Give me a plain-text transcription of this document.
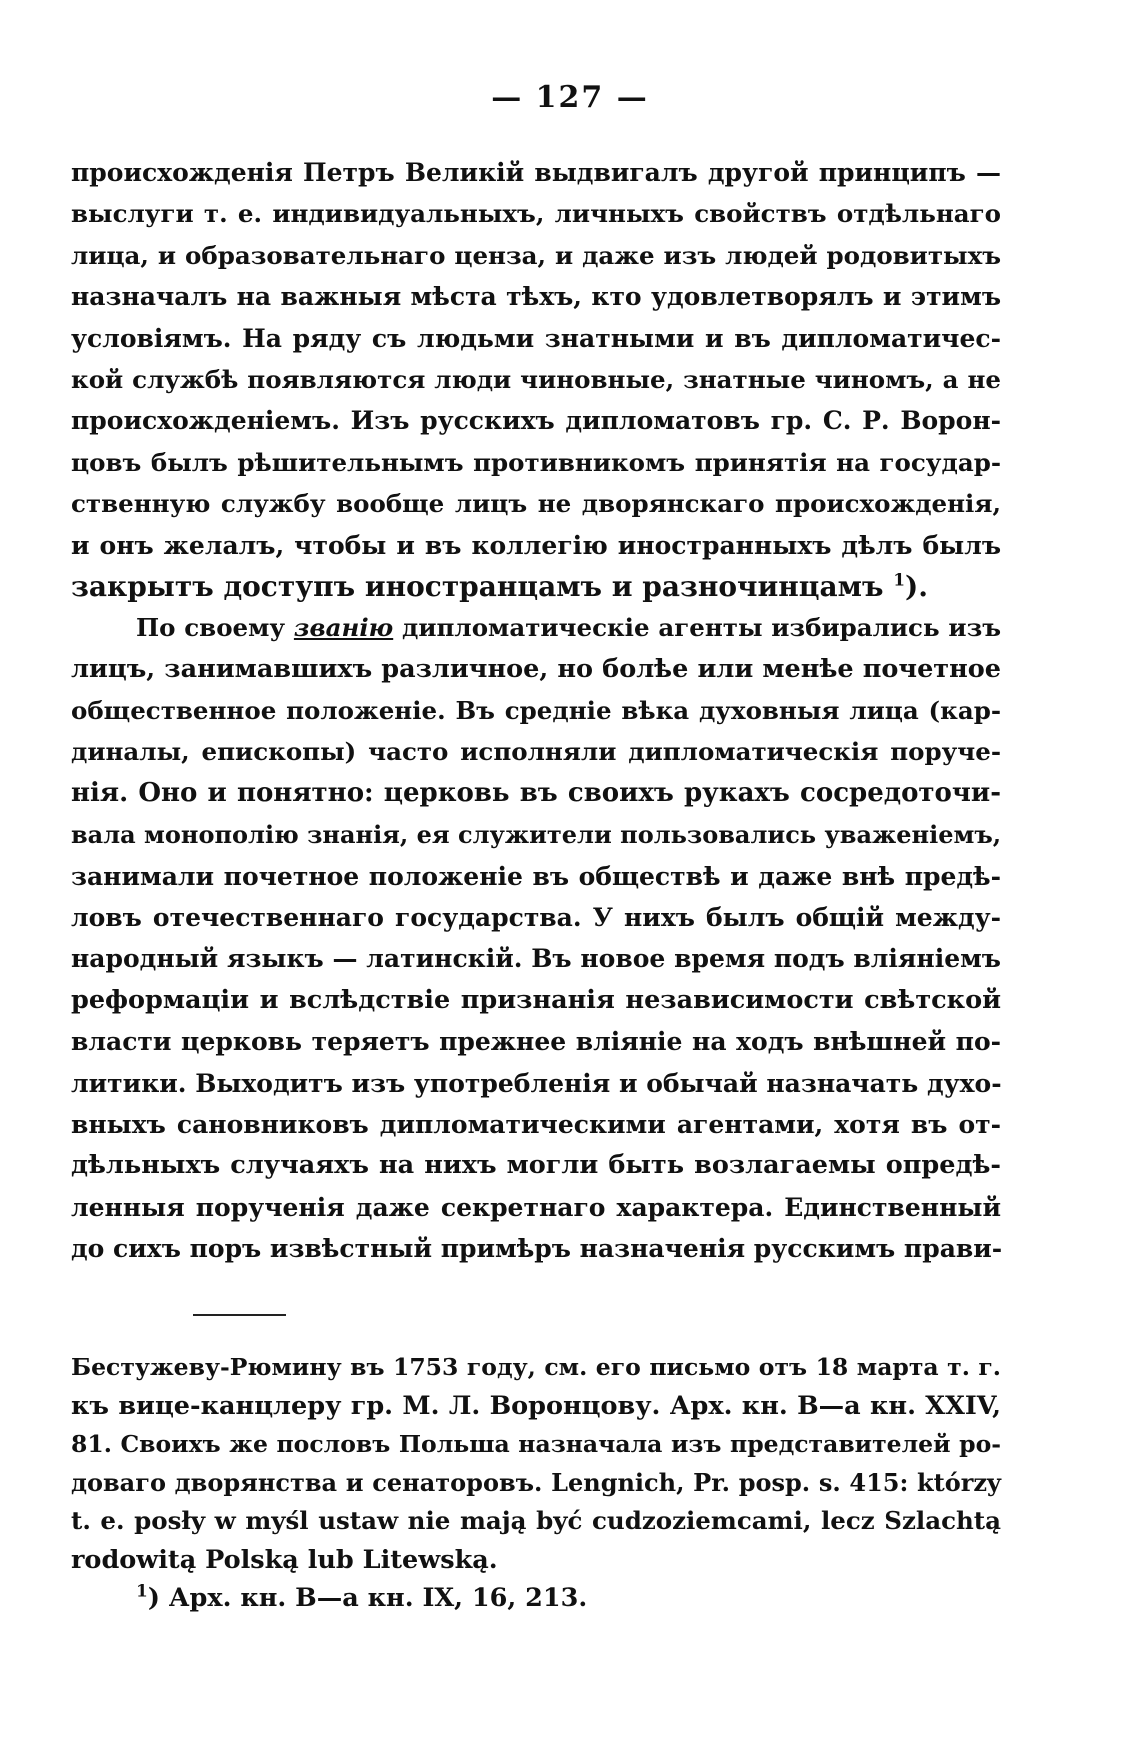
— 127 —
происхожденія Петръ Великій выдвигалъ другой принципъ —
выслуги т. е. индивидуальныхъ, личныхъ свойствъ отдѣльнаго
лица, и образовательнаго ценза, и даже изъ людей родовитыхъ
назначалъ на важныя мѣста тѣхъ, кто удовлетворялъ и этимъ
условіямъ. На ряду съ людьми знатными и въ дипломатичес-
кой службѣ появляются люди чиновные, знатные чиномъ, а не
происхожденіемъ. Изъ русскихъ дипломатовъ гр. С. Р. Ворон-
цовъ былъ рѣшительнымъ противникомъ принятія на государ-
ственную службу вообще лицъ не дворянскаго происхожденія,
и онъ желалъ, чтобы и въ коллегію иностранныхъ дѣлъ былъ
закрытъ доступъ иностранцамъ и разночинцамъ $^1$).
По своему званію дипломатическіе агенты избирались изъ
лицъ, занимавшихъ различное, но болѣе или менѣе почетное
общественное положеніе. Въ средніе вѣка духовныя лица (кар-
диналы, епископы) часто исполняли дипломатическія поруче-
нія. Оно и понятно: церковь въ своихъ рукахъ сосредоточи-
вала монополію знанія, ея служители пользовались уваженіемъ,
занимали почетное положеніе въ обществѣ и даже внѣ предѣ-
ловъ отечественнаго государства. У нихъ былъ общій между-
народный языкъ — латинскій. Въ новое время подъ вліяніемъ
реформаціи и вслѣдствіе признанія независимости свѣтской
власти церковь теряетъ прежнее вліяніе на ходъ внѣшней по-
литики. Выходитъ изъ употребленія и обычай назначать духо-
вныхъ сановниковъ дипломатическими агентами, хотя въ от-
дѣльныхъ случаяхъ на нихъ могли быть возлагаемы опредѣ-
ленныя порученія даже секретнаго характера. Единственный
до сихъ поръ извѣстный примѣръ назначенія русскимъ прави-
Бестужеву-Рюмину въ 1753 году, см. его письмо отъ 18 марта т. г.
къ вице-канцлеру гр. М. Л. Воронцову. Арх. кн. В—а кн. XXIV,
81. Своихъ же пословъ Польша назначала изъ представителей ро-
доваго дворянства и сенаторовъ. Lengnich, Pr. posp. s. 415: którzy
t. e. posły w myśl ustaw nie mają być cudzoziemcami, lecz Szlachtą
rodowitą Polską lub Litewską.
$^1$) Арх. кн. В—а кн. IX, 16, 213.
